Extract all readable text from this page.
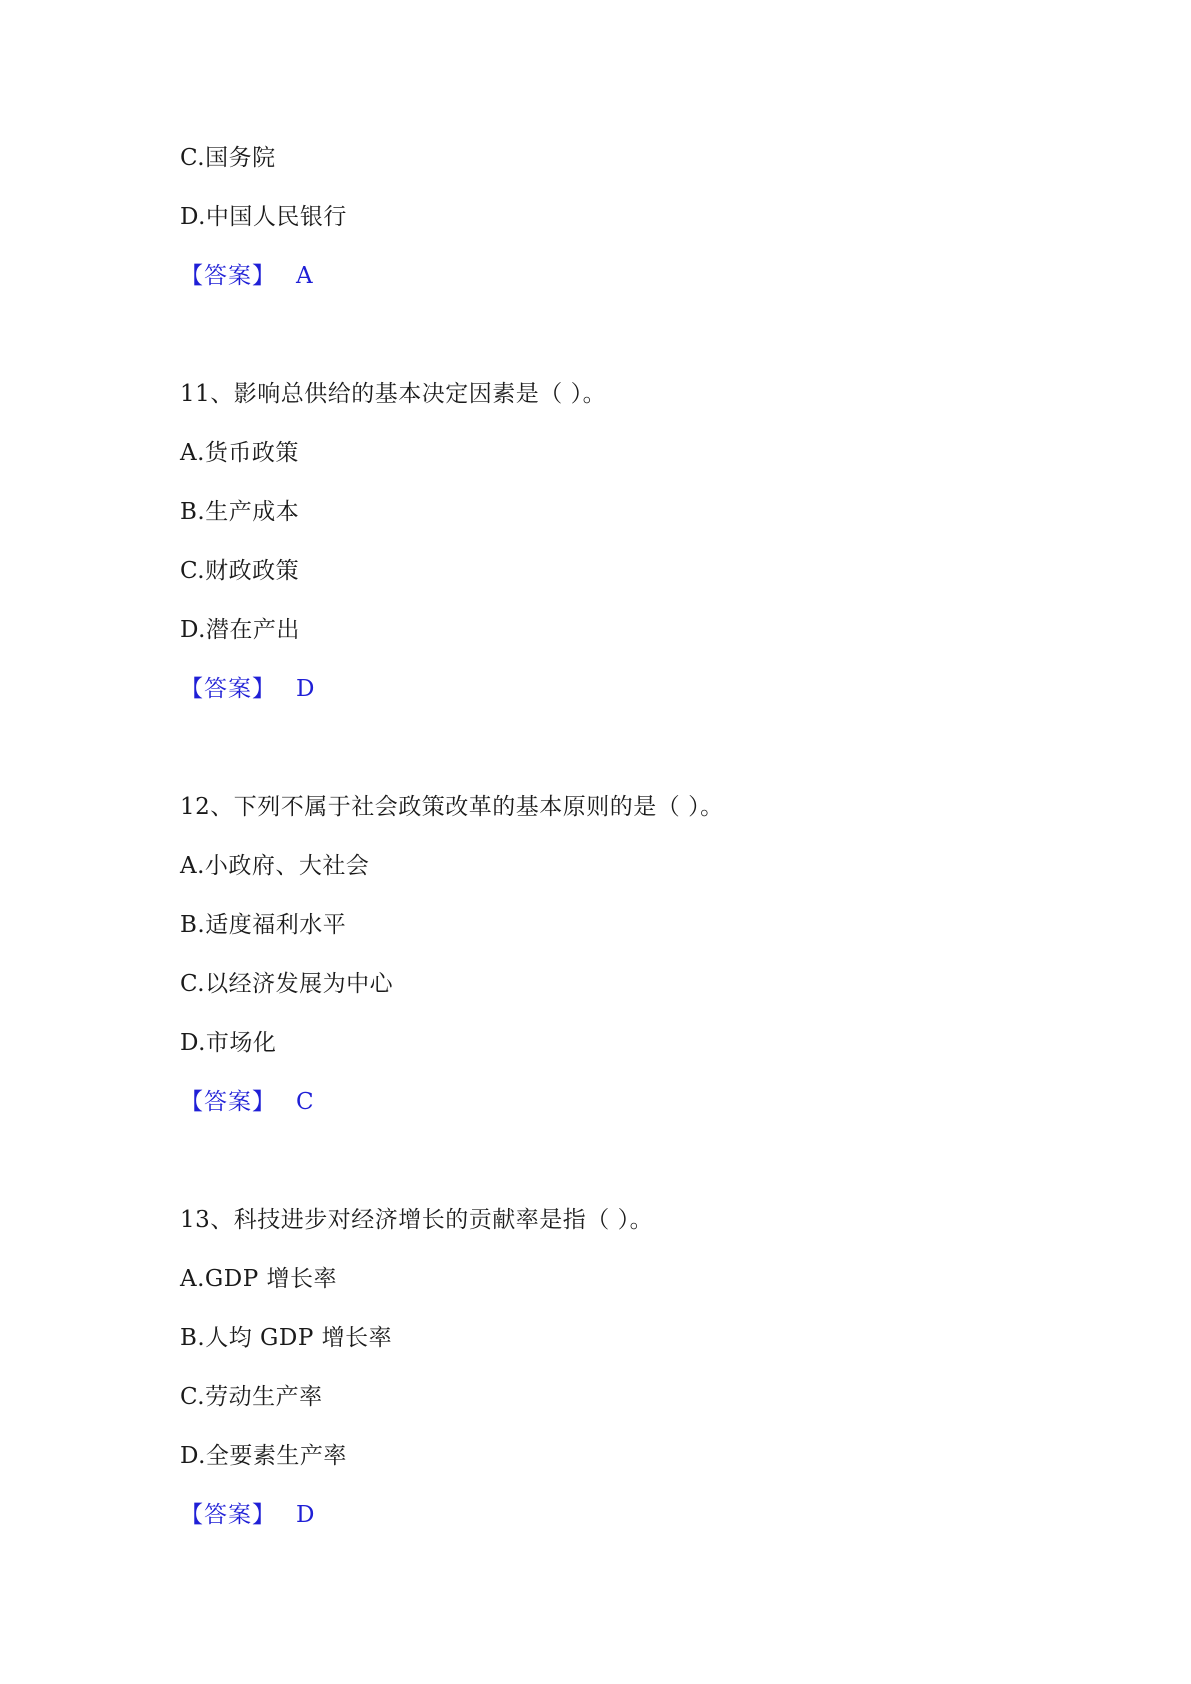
C.国务院
D.中国人民银行
【答案】 A
11、影响总供给的基本决定因素是（ ）。
A.货币政策
B.生产成本
C.财政政策
D.潜在产出
【答案】 D
12、下列不属于社会政策改革的基本原则的是（ ）。
A.小政府、大社会
B.适度福利水平
C.以经济发展为中心
D.市场化
【答案】 C
13、科技进步对经济增长的贡献率是指（ ）。
A.GDP 增长率
B.人均 GDP 增长率
C.劳动生产率
D.全要素生产率
【答案】 D
